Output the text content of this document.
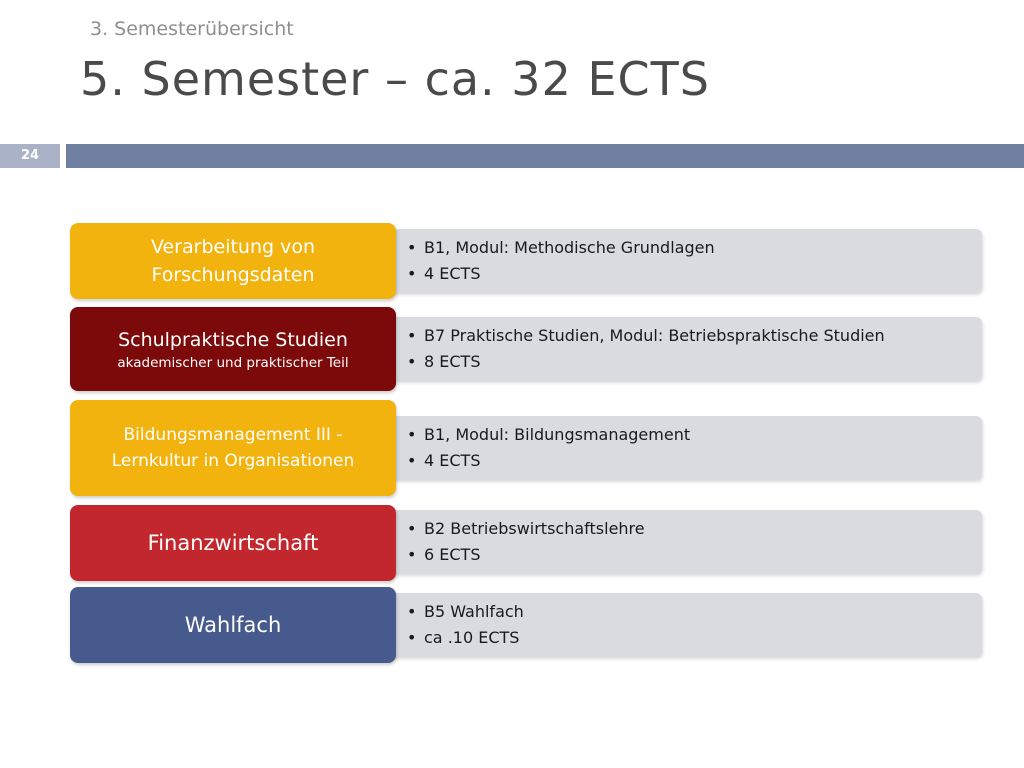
3. Semesterübersicht
5. Semester – ca. 32 ECTS
24
• B1, Modul: Methodische Grundlagen
• 4 ECTS
Verarbeitung von Forschungsdaten
• B7 Praktische Studien, Modul: Betriebspraktische Studien
• 8 ECTS
Schulpraktische Studien
akademischer und praktischer Teil
• B1, Modul: Bildungsmanagement
• 4 ECTS
Bildungsmanagement III - Lernkultur in Organisationen
• B2 Betriebswirtschaftslehre
• 6 ECTS
Finanzwirtschaft
• B5 Wahlfach
• ca .10 ECTS
Wahlfach
